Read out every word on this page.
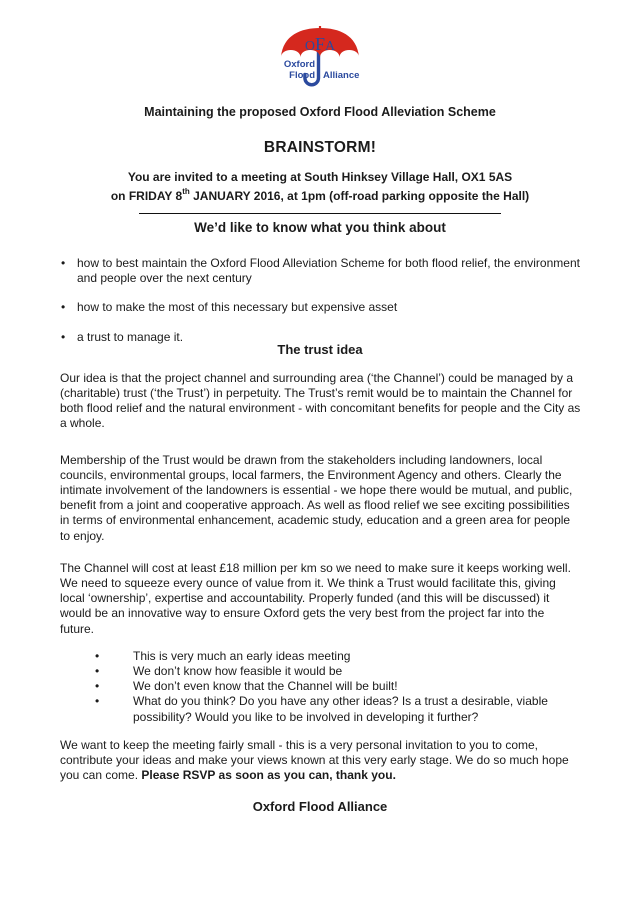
OFA
Oxford
Flood Alliance
Maintaining the proposed Oxford Flood Alleviation Scheme
BRAINSTORM!
You are invited to a meeting at South Hinksey Village Hall, OX1 5AS
on FRIDAY 8th JANUARY 2016, at 1pm (off-road parking opposite the Hall)
We’d like to know what you think about
• how to best maintain the Oxford Flood Alleviation Scheme for both flood relief, the environment and people over the next century
• how to make the most of this necessary but expensive asset
• a trust to manage it.
The trust idea

Our idea is that the project channel and surrounding area (‘the Channel’) could be managed by a (charitable) trust (‘the Trust’) in perpetuity. The Trust’s remit would be to maintain the Channel for both flood relief and the natural environment - with concomitant benefits for people and the City as a whole.

Membership of the Trust would be drawn from the stakeholders including landowners, local councils, environmental groups, local farmers, the Environment Agency and others. Clearly the intimate involvement of the landowners is essential - we hope there would be mutual, and public, benefit from a joint and cooperative approach. As well as flood relief we see exciting possibilities in terms of environmental enhancement, academic study, education and a green area for people to enjoy.

The Channel will cost at least £18 million per km so we need to make sure it keeps working well. We need to squeeze every ounce of value from it. We think a Trust would facilitate this, giving local ‘ownership’, expertise and accountability. Properly funded (and this will be discussed) it would be an innovative way to ensure Oxford gets the very best from the project far into the future.

• This is very much an early ideas meeting
• We don’t know how feasible it would be
• We don’t even know that the Channel will be built!
• What do you think? Do you have any other ideas? Is a trust a desirable, viable possibility? Would you like to be involved in developing it further?

We want to keep the meeting fairly small - this is a very personal invitation to you to come, contribute your ideas and make your views known at this very early stage. We do so much hope you can come. Please RSVP as soon as you can, thank you.

Oxford Flood Alliance
